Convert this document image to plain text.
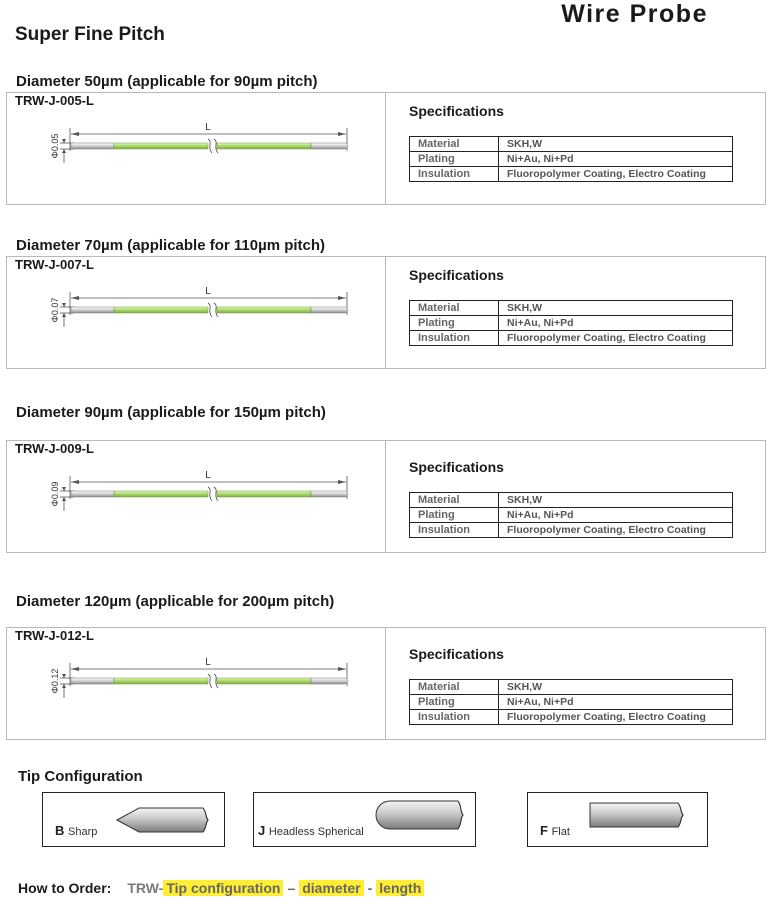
Wire Probe
Super Fine Pitch
Diameter 50µm (applicable for 90µm pitch)
TRW-J-005-L
L
Φ0.05
Specifications
Material	SKH,W
Plating	Ni+Au, Ni+Pd
Insulation	Fluoropolymer Coating, Electro Coating
Diameter 70µm (applicable for 110µm pitch)
TRW-J-007-L
L
Φ0.07
Specifications
Material	SKH,W
Plating	Ni+Au, Ni+Pd
Insulation	Fluoropolymer Coating, Electro Coating
Diameter 90µm (applicable for 150µm pitch)
TRW-J-009-L
L
Φ0.09
Specifications
Material	SKH,W
Plating	Ni+Au, Ni+Pd
Insulation	Fluoropolymer Coating, Electro Coating
Diameter 120µm (applicable for 200µm pitch)
TRW-J-012-L
L
Φ0.12
Specifications
Material	SKH,W
Plating	Ni+Au, Ni+Pd
Insulation	Fluoropolymer Coating, Electro Coating
Tip Configuration
B Sharp	J Headless Spherical	F Flat
How to Order: TRW- Tip configuration – diameter - length
